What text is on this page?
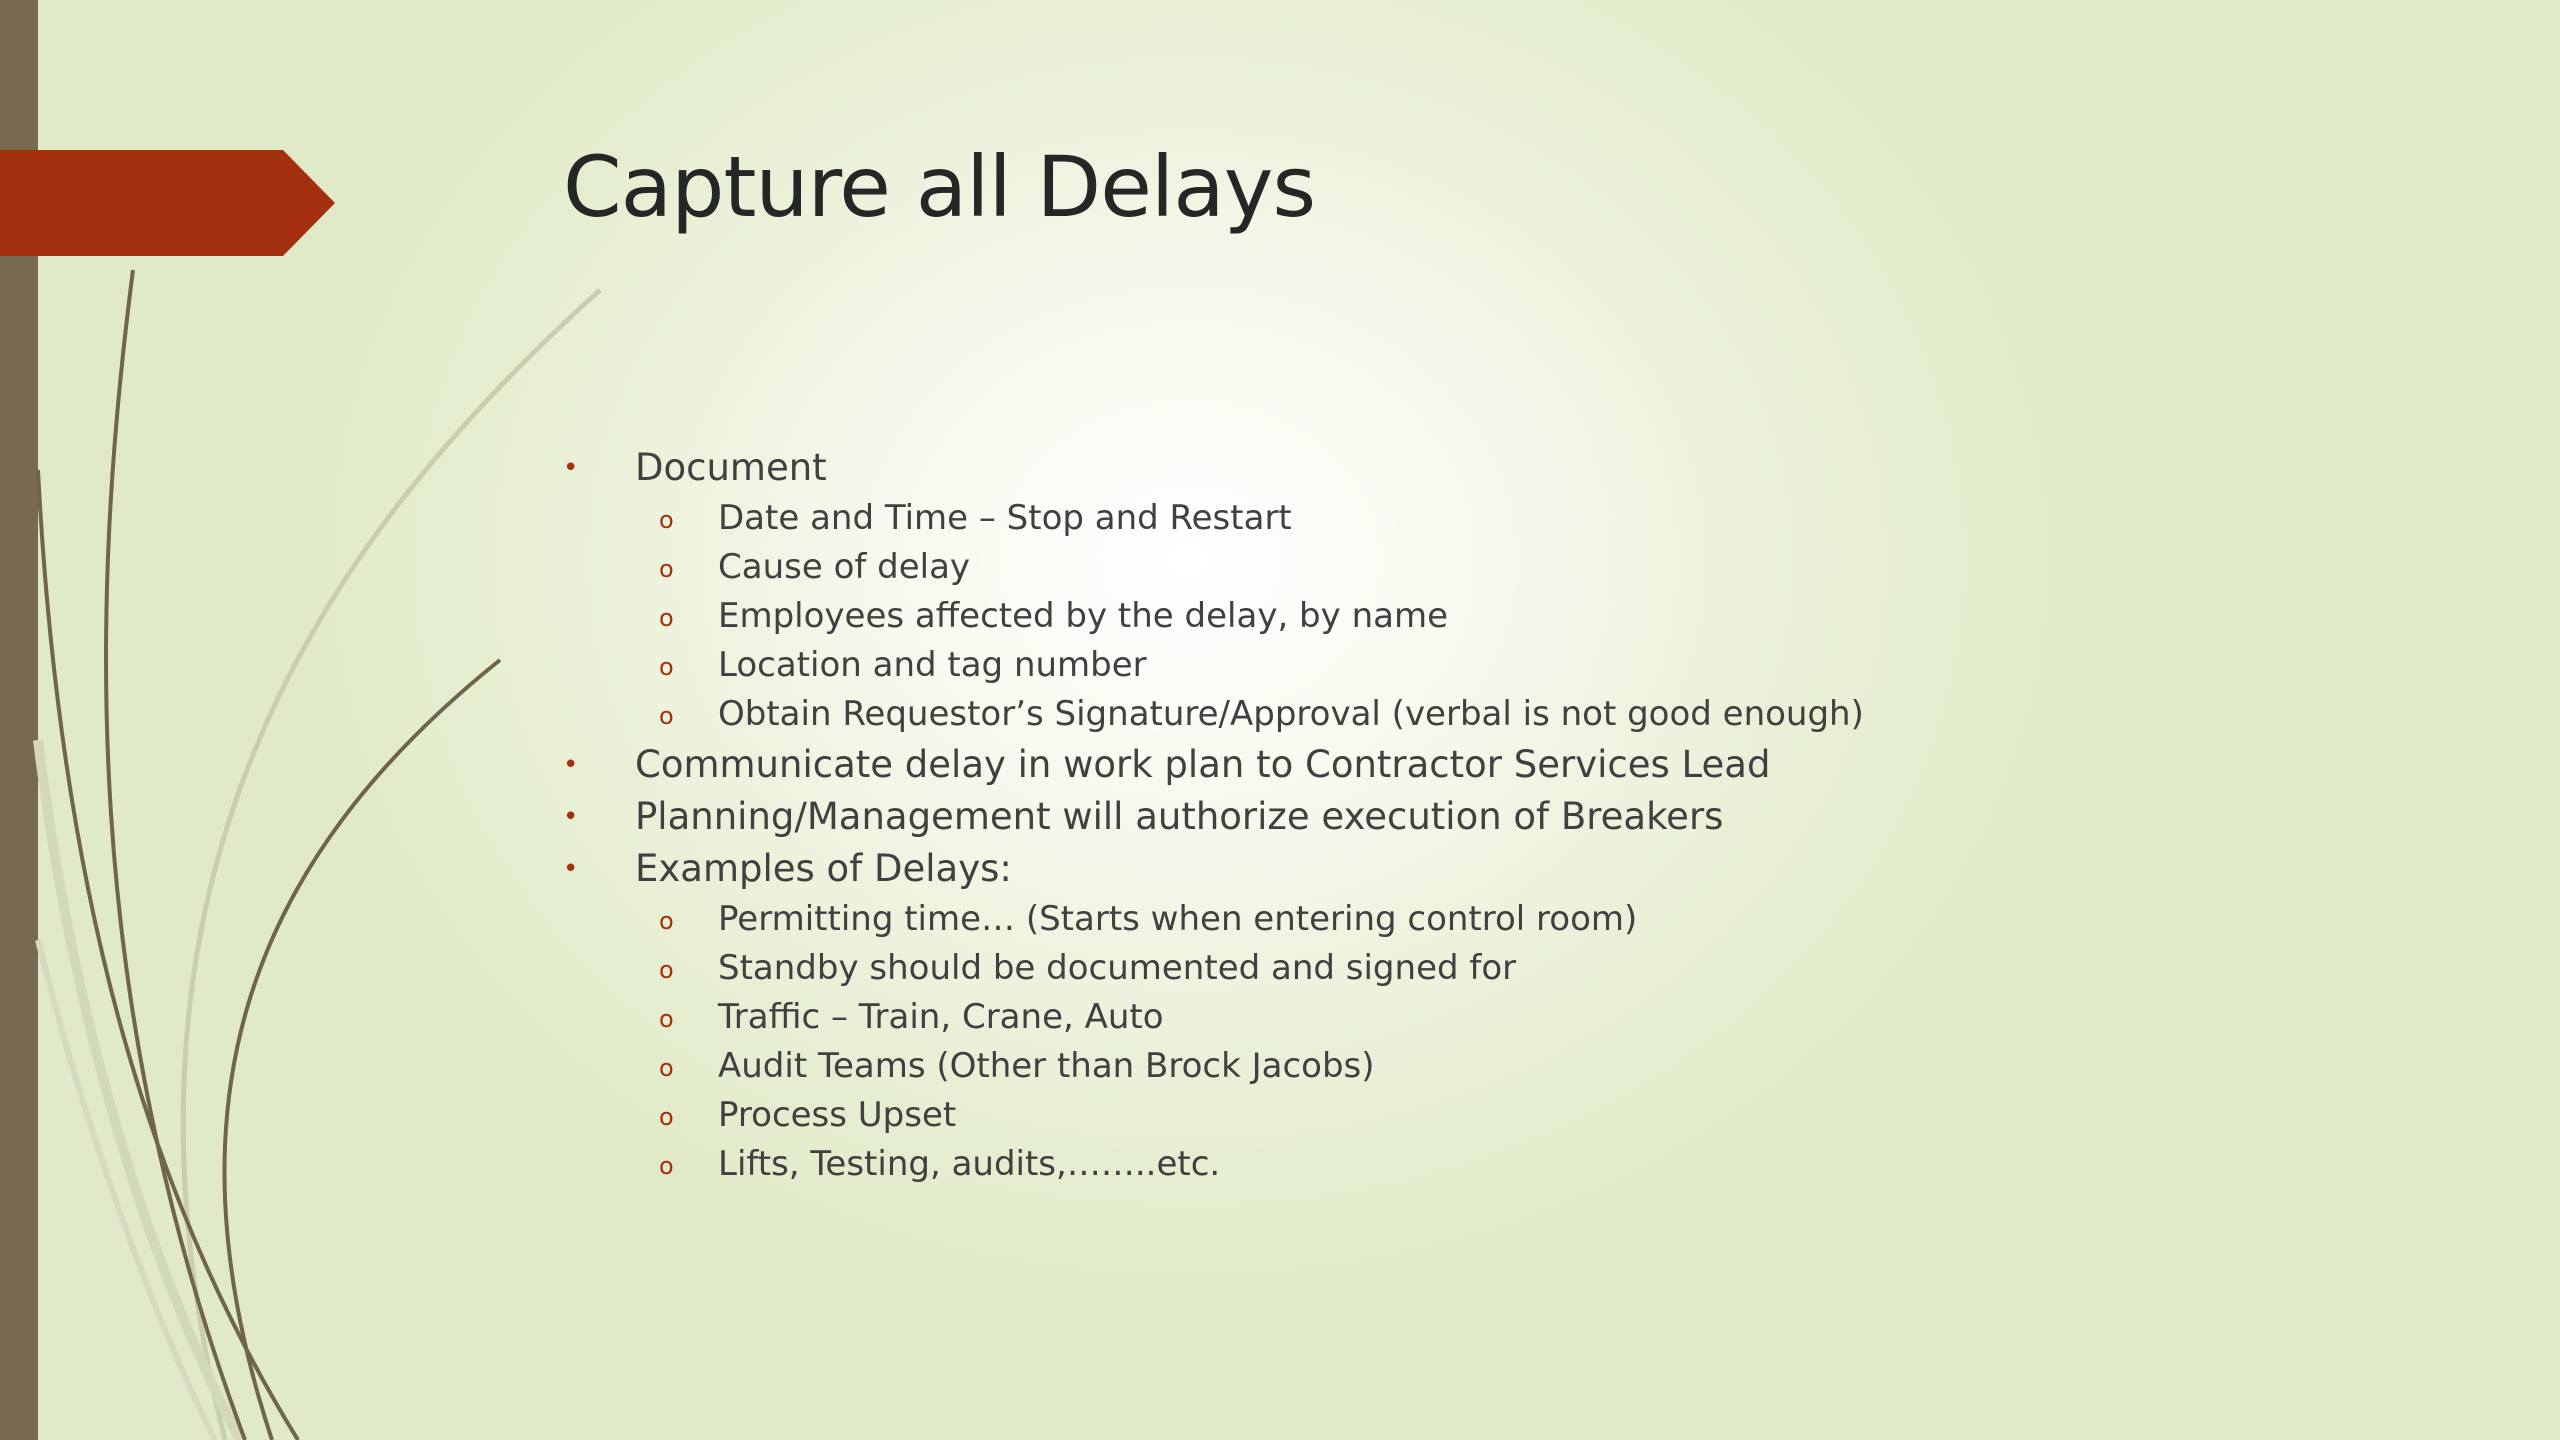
Capture all Delays
• Document
o Date and Time – Stop and Restart
o Cause of delay
o Employees affected by the delay, by name
o Location and tag number
o Obtain Requestor’s Signature/Approval (verbal is not good enough)
• Communicate delay in work plan to Contractor Services Lead
• Planning/Management will authorize execution of Breakers
• Examples of Delays:
o Permitting time… (Starts when entering control room)
o Standby should be documented and signed for
o Traffic – Train, Crane, Auto
o Audit Teams (Other than Brock Jacobs)
o Process Upset
o Lifts, Testing, audits,……..etc.
